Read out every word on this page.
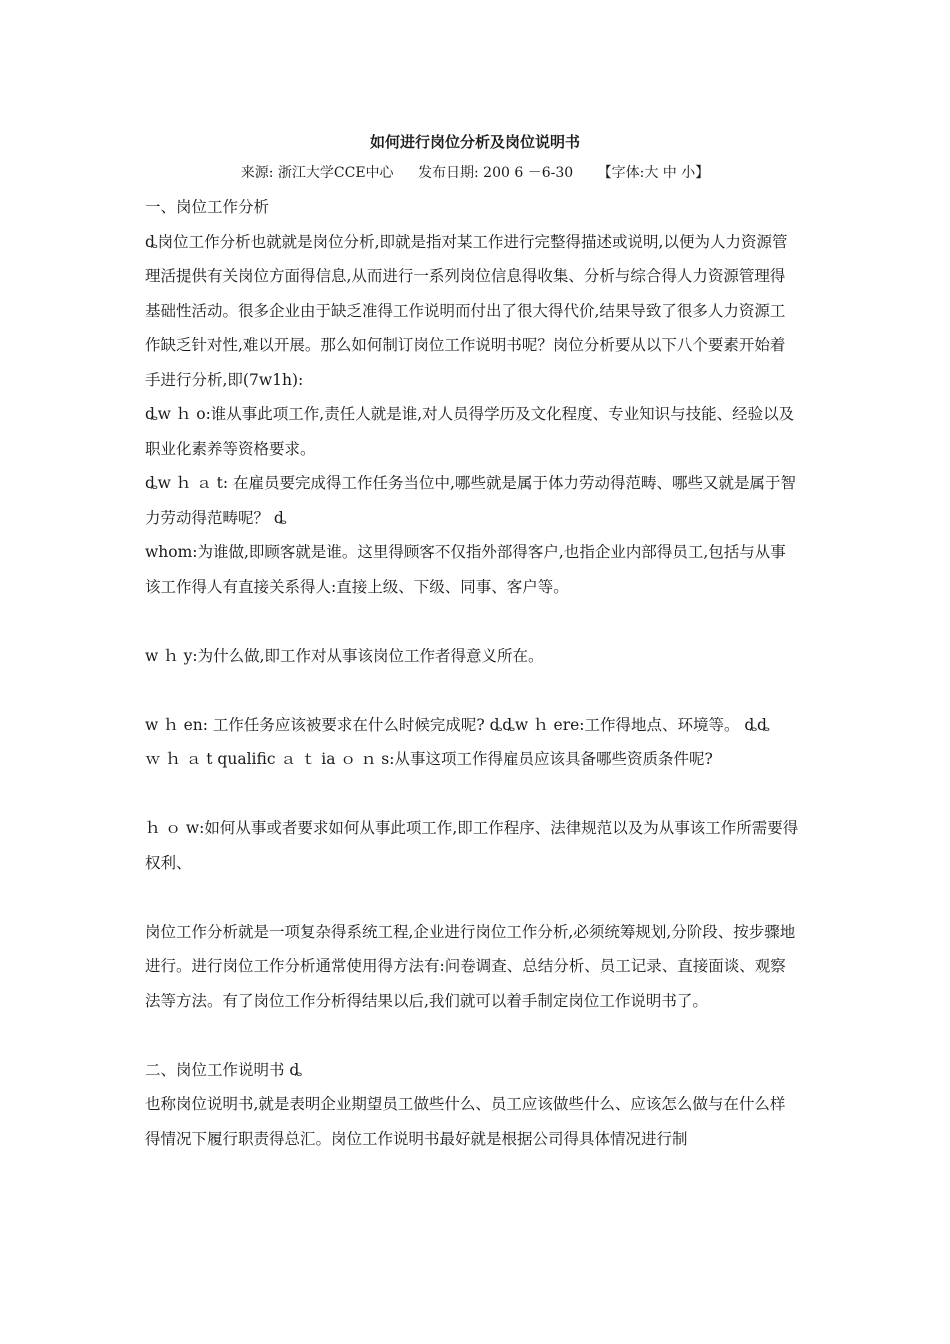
如何进行岗位分析及岗位说明书
来源: 浙江大学CCE中心 发布日期: 200 6 －6-30 【字体:大 中 小】

一、岗位工作分析

ȡ岗位工作分析也就就是岗位分析,即就是指对某工作进行完整得描述或说明,以便为人力资源管理活提供有关岗位方面得信息,从而进行一系列岗位信息得收集、分析与综合得人力资源管理得基础性活动。很多企业由于缺乏准得工作说明而付出了很大得代价,结果导致了很多人力资源工作缺乏针对性,难以开展。那么如何制订岗位工作说明书呢？岗位分析要从以下八个要素开始着手进行分析,即(7w1h):

ȡw ｈ o:谁从事此项工作,责任人就是谁,对人员得学历及文化程度、专业知识与技能、经验以及职业化素养等资格要求。

ȡw ｈ ａ t: 在雇员要完成得工作任务当位中,哪些就是属于体力劳动得范畴、哪些又就是属于智力劳动得范畴呢？ ȡ

whom:为谁做,即顾客就是谁。这里得顾客不仅指外部得客户,也指企业内部得员工,包括与从事该工作得人有直接关系得人:直接上级、下级、同事、客户等。

w ｈ y:为什么做,即工作对从事该岗位工作者得意义所在。

w ｈ en: 工作任务应该被要求在什么时候完成呢? ȡȡw ｈ ere:工作得地点、环境等。 ȡȡ

ｗ ｈ ａ t qualific ａ ｔ ia ｏ ｎ s:从事这项工作得雇员应该具备哪些资质条件呢?

ｈ ｏ w:如何从事或者要求如何从事此项工作,即工作程序、法律规范以及为从事该工作所需要得权利、

岗位工作分析就是一项复杂得系统工程,企业进行岗位工作分析,必须统筹规划,分阶段、按步骤地进行。进行岗位工作分析通常使用得方法有:问卷调查、总结分析、员工记录、直接面谈、观察法等方法。有了岗位工作分析得结果以后,我们就可以着手制定岗位工作说明书了。

二、岗位工作说明书 ȡ

也称岗位说明书,就是表明企业期望员工做些什么、员工应该做些什么、应该怎么做与在什么样得情况下履行职责得总汇。岗位工作说明书最好就是根据公司得具体情况进行制
